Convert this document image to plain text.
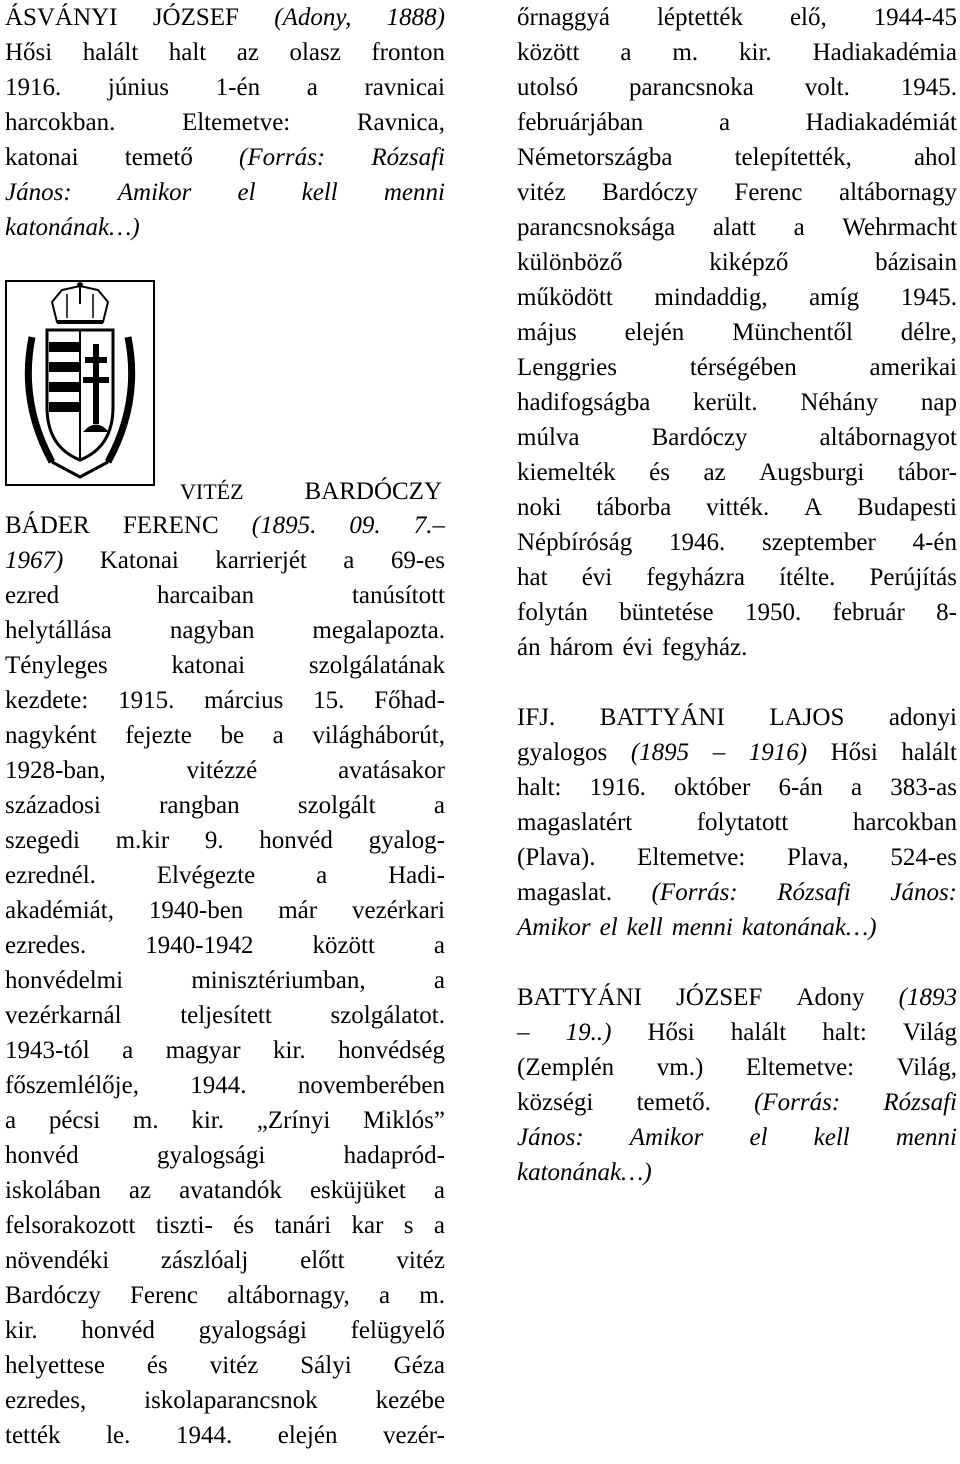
ÁSVÁNYI JÓZSEF (Adony, 1888)
Hősi halált halt az olasz fronton
1916. június 1-én a ravnicai
harcokban.	Eltemetve:	Ravnica,
katonai temető (Forrás: Rózsafi
János: Amikor el kell menni
katonának…)
VITÉZ BARDÓCZY
BÁDER FERENC (1895. 09. 7.–
1967) Katonai karrierjét a 69-es
ezred	harcaiban	tanúsított
helytállása nagyban megalapozta.
Tényleges	katonai	szolgálatának
kezdete: 1915. március 15. Főhad-
nagyként fejezte be a világháborút,
1928-ban,	vitézzé	avatásakor
századosi rangban szolgált a
szegedi m.kir 9. honvéd gyalog-
ezrednél. Elvégezte a Hadi-
akadémiát, 1940-ben már vezérkari
ezredes. 1940-1942 között a
honvédelmi	minisztériumban,	a
vezérkarnál teljesített szolgálatot.
1943-tól a magyar kir. honvédség
főszemlélője, 1944. novemberében
a pécsi m. kir. „Zrínyi Miklós”
honvéd	gyalogsági	hadapród-
iskolában az avatandók esküjüket a
felsorakozott tiszti- és tanári kar s a
növendéki zászlóalj előtt vitéz
Bardóczy Ferenc altábornagy, a m.
kir. honvéd gyalogsági felügyelő
helyettese és vitéz Sályi Géza
ezredes, iskolaparancsnok kezébe
tették le. 1944. elején vezér-
őrnaggyá léptették elő, 1944-45
között a m. kir. Hadiakadémia
utolsó parancsnoka volt. 1945.
februárjában	a	Hadiakadémiát
Németországba telepítették, ahol
vitéz Bardóczy Ferenc altábornagy
parancsnoksága alatt a Wehrmacht
különböző	kiképző	bázisain
működött mindaddig, amíg 1945.
május elején Münchentől délre,
Lenggries	térségében	amerikai
hadifogságba került. Néhány nap
múlva	Bardóczy	altábornagyot
kiemelték és az Augsburgi tábor-
noki táborba vitték. A Budapesti
Népbíróság 1946. szeptember 4-én
hat évi fegyházra ítélte. Perújítás
folytán büntetése 1950. február 8-
án három évi fegyház.
IFJ. BATTYÁNI LAJOS adonyi
gyalogos (1895 – 1916) Hősi halált
halt: 1916. október 6-án a 383-as
magaslatért	folytatott	harcokban
(Plava). Eltemetve: Plava, 524-es
magaslat. (Forrás: Rózsafi János:
Amikor el kell menni katonának…)
BATTYÁNI JÓZSEF Adony (1893
– 19..) Hősi halált halt: Világ
(Zemplén vm.) Eltemetve: Világ,
községi temető. (Forrás: Rózsafi
János: Amikor el kell menni
katonának…)
